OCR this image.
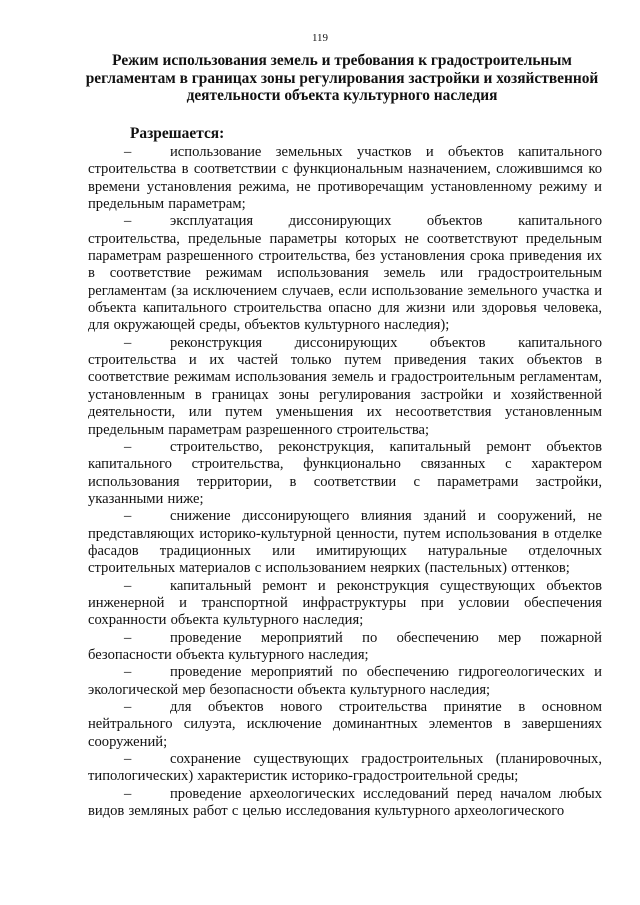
119
Режим использования земель и требования к градостроительным регламентам в границах зоны регулирования застройки и хозяйственной деятельности объекта культурного наследия
Разрешается:
–	использование земельных участков и объектов капитального строительства в соответствии с функциональным назначением, сложившимся ко времени установления режима, не противоречащим установленному режиму и предельным параметрам;
–	эксплуатация диссонирующих объектов капитального строительства, предельные параметры которых не соответствуют предельным параметрам разрешенного строительства, без установления срока приведения их в соответствие режимам использования земель или градостроительным регламентам (за исключением случаев, если использование земельного участка и объекта капитального строительства опасно для жизни или здоровья человека, для окружающей среды, объектов культурного наследия);
–	реконструкция диссонирующих объектов капитального строительства и их частей только путем приведения таких объектов в соответствие режимам использования земель и градостроительным регламентам, установленным в границах зоны регулирования застройки и хозяйственной деятельности, или путем уменьшения их несоответствия установленным предельным параметрам разрешенного строительства;
–	строительство, реконструкция, капитальный ремонт объектов капитального строительства, функционально связанных с характером использования территории, в соответствии с параметрами застройки, указанными ниже;
–	снижение диссонирующего влияния зданий и сооружений, не представляющих историко-культурной ценности, путем использования в отделке фасадов традиционных или имитирующих натуральные отделочных строительных материалов с использованием неярких (пастельных) оттенков;
–	капитальный ремонт и реконструкция существующих объектов инженерной и транспортной инфраструктуры при условии обеспечения сохранности объекта культурного наследия;
–	проведение мероприятий по обеспечению мер пожарной безопасности объекта культурного наследия;
–	проведение мероприятий по обеспечению гидрогеологических и экологической мер безопасности объекта культурного наследия;
–	для объектов нового строительства принятие в основном нейтрального силуэта, исключение доминантных элементов в завершениях сооружений;
–	сохранение существующих градостроительных (планировочных, типологических) характеристик историко-градостроительной среды;
–	проведение археологических исследований перед началом любых видов земляных работ с целью исследования культурного археологического
